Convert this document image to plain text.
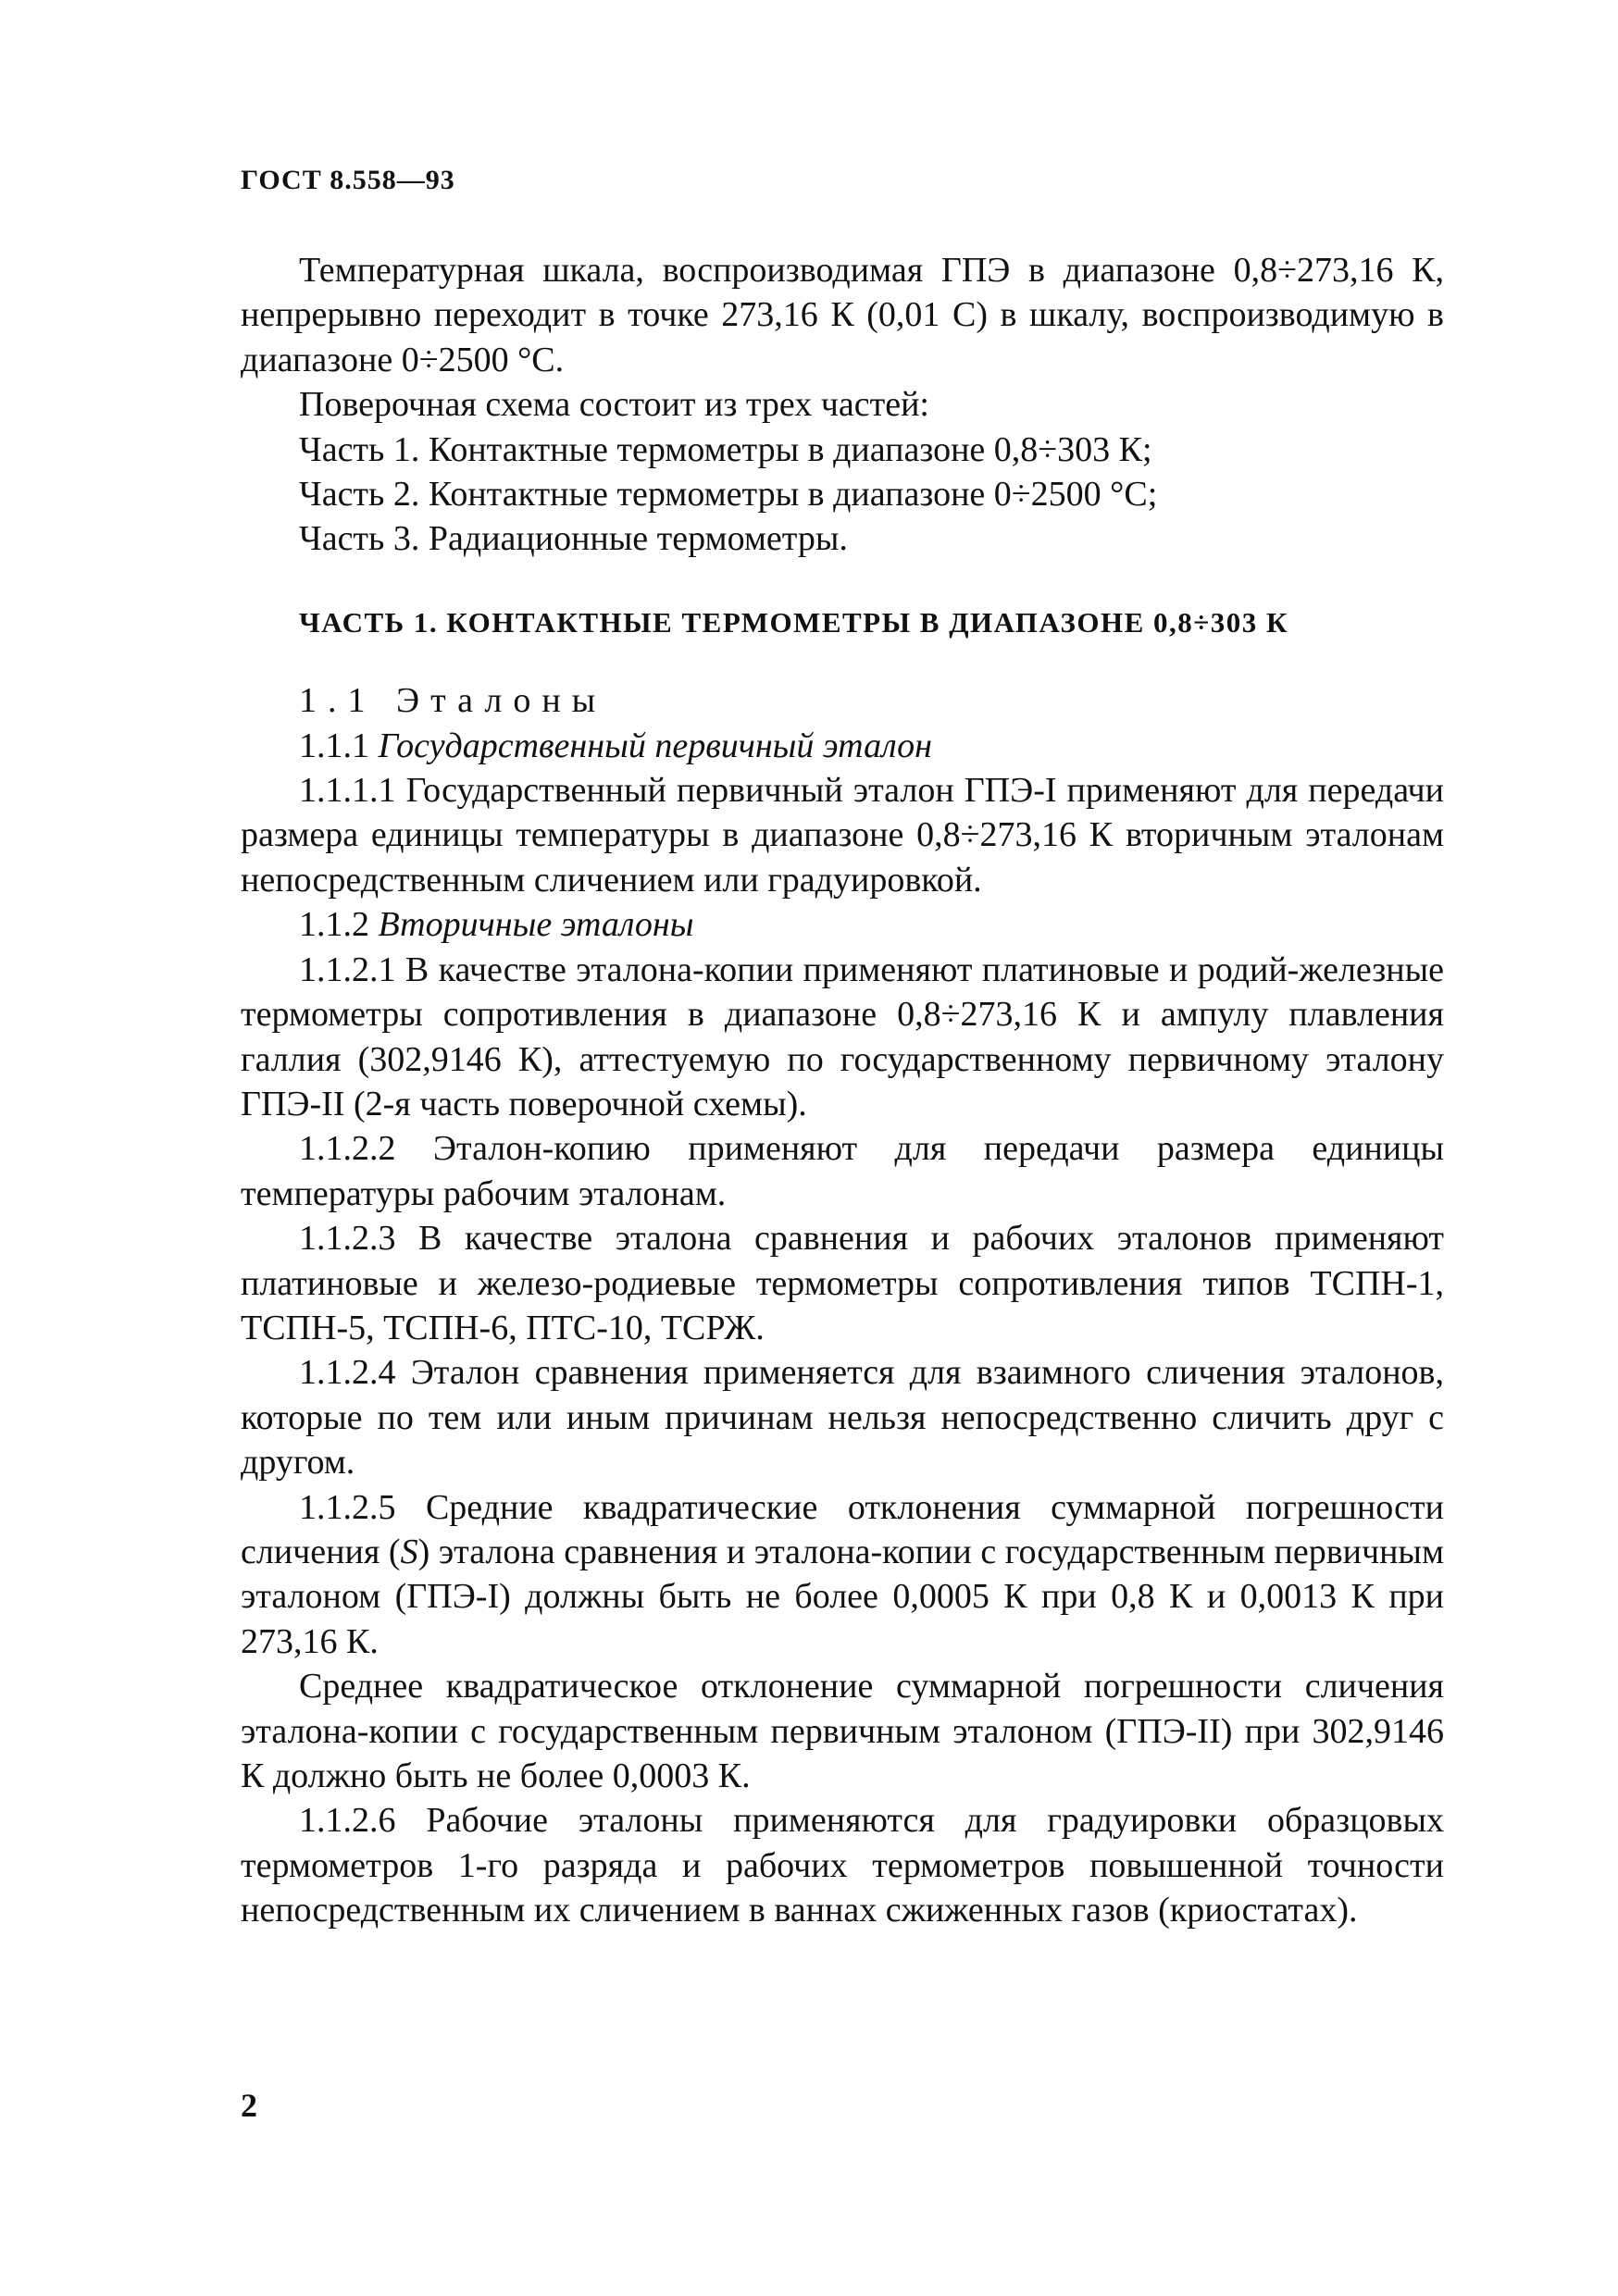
ГОСТ 8.558—93

Температурная шкала, воспроизводимая ГПЭ в диапазоне 0,8÷273,16 К, непрерывно переходит в точке 273,16 К (0,01 С) в шкалу, воспроизводимую в диапазоне 0÷2500 °С.

Поверочная схема состоит из трех частей:

Часть 1. Контактные термометры в диапазоне 0,8÷303 К;

Часть 2. Контактные термометры в диапазоне 0÷2500 °С;

Часть 3. Радиационные термометры.

ЧАСТЬ 1. КОНТАКТНЫЕ ТЕРМОМЕТРЫ В ДИАПАЗОНЕ 0,8÷303 К

1.1 Эталоны

1.1.1 Государственный первичный эталон

1.1.1.1 Государственный первичный эталон ГПЭ-I применяют для передачи размера единицы температуры в диапазоне 0,8÷273,16 К вторичным эталонам непосредственным сличением или градуировкой.

1.1.2 Вторичные эталоны

1.1.2.1 В качестве эталона-копии применяют платиновые и родий-железные термометры сопротивления в диапазоне 0,8÷273,16 К и ампулу плавления галлия (302,9146 К), аттестуемую по государственному первичному эталону ГПЭ-II (2-я часть поверочной схемы).

1.1.2.2 Эталон-копию применяют для передачи размера единицы температуры рабочим эталонам.

1.1.2.3 В качестве эталона сравнения и рабочих эталонов применяют платиновые и железо-родиевые термометры сопротивления типов ТСПН-1, ТСПН-5, ТСПН-6, ПТС-10, ТСРЖ.

1.1.2.4 Эталон сравнения применяется для взаимного сличения эталонов, которые по тем или иным причинам нельзя непосредственно сличить друг с другом.

1.1.2.5 Средние квадратические отклонения суммарной погрешности сличения (S) эталона сравнения и эталона-копии с государственным первичным эталоном (ГПЭ-I) должны быть не более 0,0005 К при 0,8 К и 0,0013 К при 273,16 К.

Среднее квадратическое отклонение суммарной погрешности сличения эталона-копии с государственным первичным эталоном (ГПЭ-II) при 302,9146 К должно быть не более 0,0003 К.

1.1.2.6 Рабочие эталоны применяются для градуировки образцовых термометров 1-го разряда и рабочих термометров повышенной точности непосредственным их сличением в ваннах сжиженных газов (криостатах).

2
